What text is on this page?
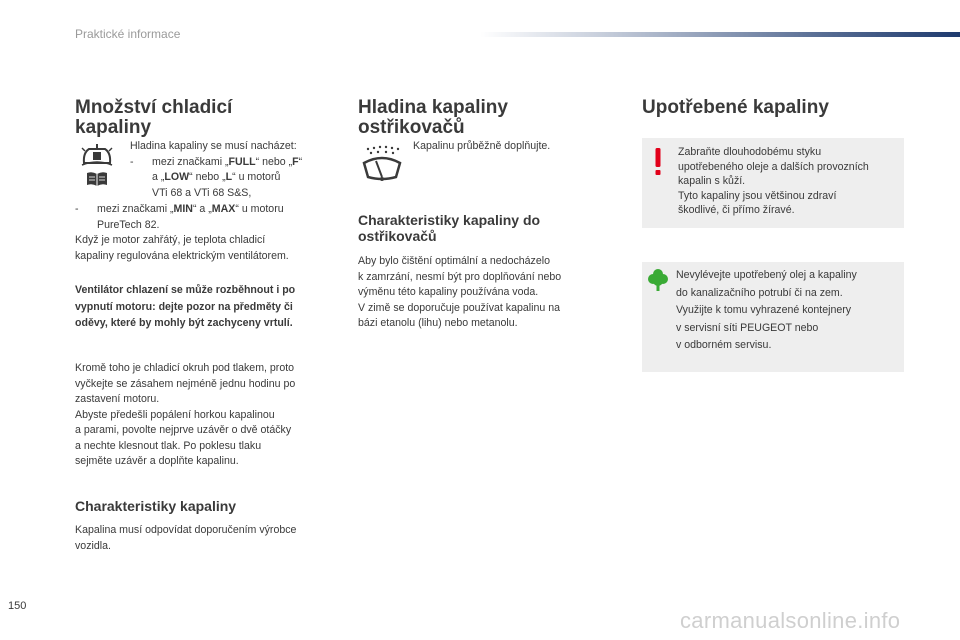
Praktické informace
Množství chladicí
kapaliny

Hladina kapaliny se musí nacházet:

- mezi značkami „FULL“ nebo „F“
a „LOW“ nebo „L“ u motorů
VTi 68 a VTi 68 S&S,
- mezi značkami „MIN“ a „MAX“ u motoru
PureTech 82.

Když je motor zahřátý, je teplota chladicí
kapaliny regulována elektrickým ventilátorem.

Ventilátor chlazení se může rozběhnout i po
vypnutí motoru: dejte pozor na předměty či
oděvy, které by mohly být zachyceny vrtulí.

Kromě toho je chladicí okruh pod tlakem, proto
vyčkejte se zásahem nejméně jednu hodinu po
zastavení motoru.
Abyste předešli popálení horkou kapalinou
a parami, povolte nejprve uzávěr o dvě otáčky
a nechte klesnout tlak. Po poklesu tlaku
sejměte uzávěr a doplňte kapalinu.

Charakteristiky kapaliny

Kapalina musí odpovídat doporučením výrobce
vozidla.

Hladina kapaliny ostřikovačů

Kapalinu průběžně doplňujte.

Charakteristiky kapaliny do
ostřikovačů

Aby bylo čištění optimální a nedocházelo
k zamrzání, nesmí být pro doplňování nebo
výměnu této kapaliny používána voda.
V zimě se doporučuje používat kapalinu na
bázi etanolu (lihu) nebo metanolu.

Upotřebené kapaliny

Zabraňte dlouhodobému styku
upotřebeného oleje a dalších provozních
kapalin s kůží.
Tyto kapaliny jsou většinou zdraví
škodlivé, či přímo žíravé.

Nevylévejte upotřebený olej a kapaliny
do kanalizačního potrubí či na zem.
Využijte k tomu vyhrazené kontejnery
v servisní síti PEUGEOT nebo
v odborném servisu.

150
carmanualsonline.info
